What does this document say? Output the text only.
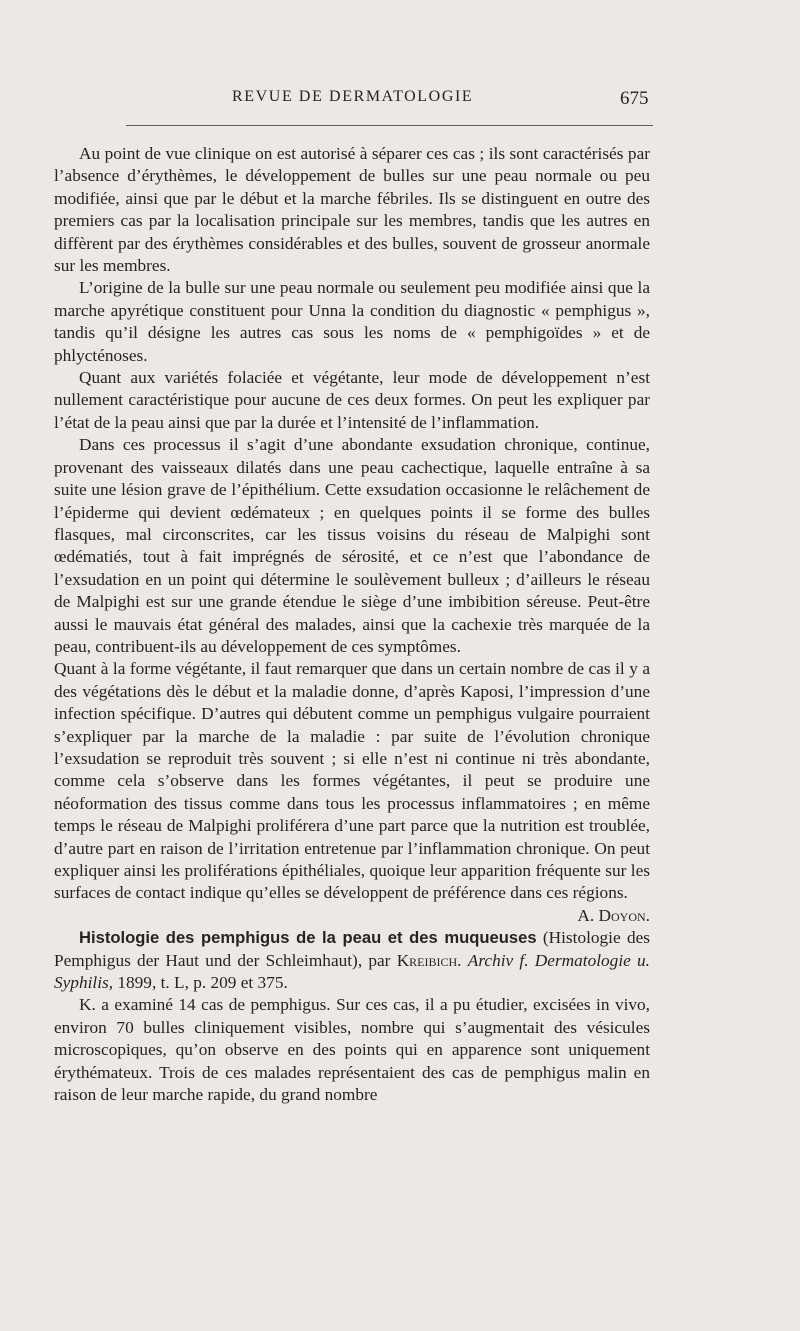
REVUE DE DERMATOLOGIE	675

Au point de vue clinique on est autorisé à séparer ces cas ; ils sont caractérisés par l’absence d’érythèmes, le développement de bulles sur une peau normale ou peu modifiée, ainsi que par le début et la marche fébriles. Ils se distinguent en outre des premiers cas par la localisation principale sur les membres, tandis que les autres en diffèrent par des érythèmes considérables et des bulles, souvent de grosseur anormale sur les membres.

L’origine de la bulle sur une peau normale ou seulement peu modifiée ainsi que la marche apyrétique constituent pour Unna la condition du diagnostic « pemphigus », tandis qu’il désigne les autres cas sous les noms de « pemphigoïdes » et de phlycténoses.

Quant aux variétés folaciée et végétante, leur mode de développement n’est nullement caractéristique pour aucune de ces deux formes. On peut les expliquer par l’état de la peau ainsi que par la durée et l’intensité de l’inflammation.

Dans ces processus il s’agit d’une abondante exsudation chronique, continue, provenant des vaisseaux dilatés dans une peau cachectique, laquelle entraîne à sa suite une lésion grave de l’épithélium. Cette exsudation occasionne le relâchement de l’épiderme qui devient œdémateux ; en quelques points il se forme des bulles flasques, mal circonscrites, car les tissus voisins du réseau de Malpighi sont œdématiés, tout à fait imprégnés de sérosité, et ce n’est que l’abondance de l’exsudation en un point qui détermine le soulèvement bulleux ; d’ailleurs le réseau de Malpighi est sur une grande étendue le siège d’une imbibition séreuse. Peut-être aussi le mauvais état général des malades, ainsi que la cachexie très marquée de la peau, contribuent-ils au développement de ces symptômes.

Quant à la forme végétante, il faut remarquer que dans un certain nombre de cas il y a des végétations dès le début et la maladie donne, d’après Kaposi, l’impression d’une infection spécifique. D’autres qui débutent comme un pemphigus vulgaire pourraient s’expliquer par la marche de la maladie : par suite de l’évolution chronique l’exsudation se reproduit très souvent ; si elle n’est ni continue ni très abondante, comme cela s’observe dans les formes végétantes, il peut se produire une néoformation des tissus comme dans tous les processus inflammatoires ; en même temps le réseau de Malpighi proliférera d’une part parce que la nutrition est troublée, d’autre part en raison de l’irritation entretenue par l’inflammation chronique. On peut expliquer ainsi les proliférations épithéliales, quoique leur apparition fréquente sur les surfaces de contact indique qu’elles se développent de préférence dans ces régions.
A. Doyon.

Histologie des pemphigus de la peau et des muqueuses (Histologie des Pemphigus der Haut und der Schleimhaut), par Kreibich. Archiv f. Dermatologie u. Syphilis, 1899, t. L, p. 209 et 375.

K. a examiné 14 cas de pemphigus. Sur ces cas, il a pu étudier, excisées in vivo, environ 70 bulles cliniquement visibles, nombre qui s’augmentait des vésicules microscopiques, qu’on observe en des points qui en apparence sont uniquement érythémateux. Trois de ces malades représentaient des cas de pemphigus malin en raison de leur marche rapide, du grand nombre
